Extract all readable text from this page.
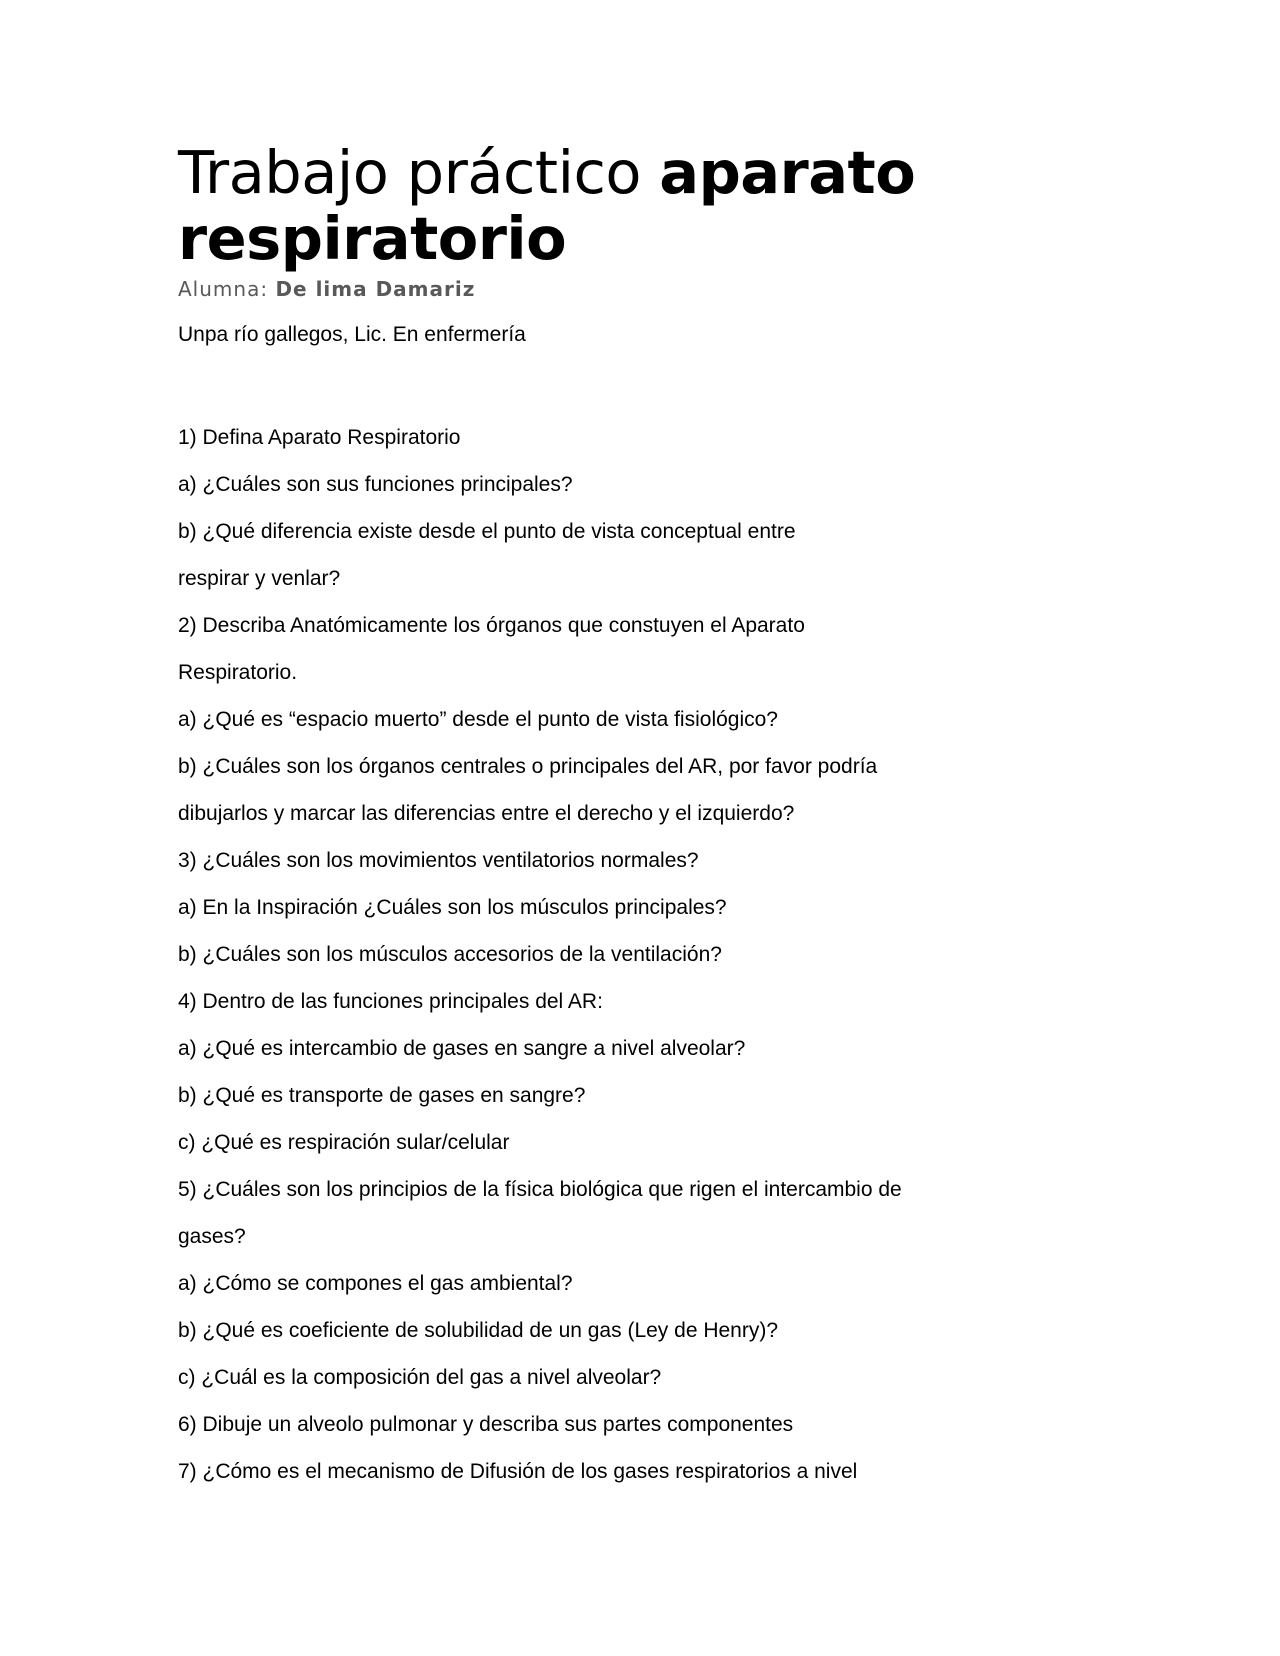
Trabajo práctico aparato respiratorio
Alumna: De lima Damariz
Unpa río gallegos, Lic. En enfermería
1) Defina Aparato Respiratorio
a) ¿Cuáles son sus funciones principales?
b) ¿Qué diferencia existe desde el punto de vista conceptual entre
respirar y venlar?
2) Describa Anatómicamente los órganos que constuyen el Aparato
Respiratorio.
a) ¿Qué es “espacio muerto” desde el punto de vista fisiológico?
b) ¿Cuáles son los órganos centrales o principales del AR, por favor podría
dibujarlos y marcar las diferencias entre el derecho y el izquierdo?
3) ¿Cuáles son los movimientos ventilatorios normales?
a) En la Inspiración ¿Cuáles son los músculos principales?
b) ¿Cuáles son los músculos accesorios de la ventilación?
4) Dentro de las funciones principales del AR:
a) ¿Qué es intercambio de gases en sangre a nivel alveolar?
b) ¿Qué es transporte de gases en sangre?
c) ¿Qué es respiración sular/celular
5) ¿Cuáles son los principios de la física biológica que rigen el intercambio de
gases?
a) ¿Cómo se compones el gas ambiental?
b) ¿Qué es coeficiente de solubilidad de un gas (Ley de Henry)?
c) ¿Cuál es la composición del gas a nivel alveolar?
6) Dibuje un alveolo pulmonar y describa sus partes componentes
7) ¿Cómo es el mecanismo de Difusión de los gases respiratorios a nivel
